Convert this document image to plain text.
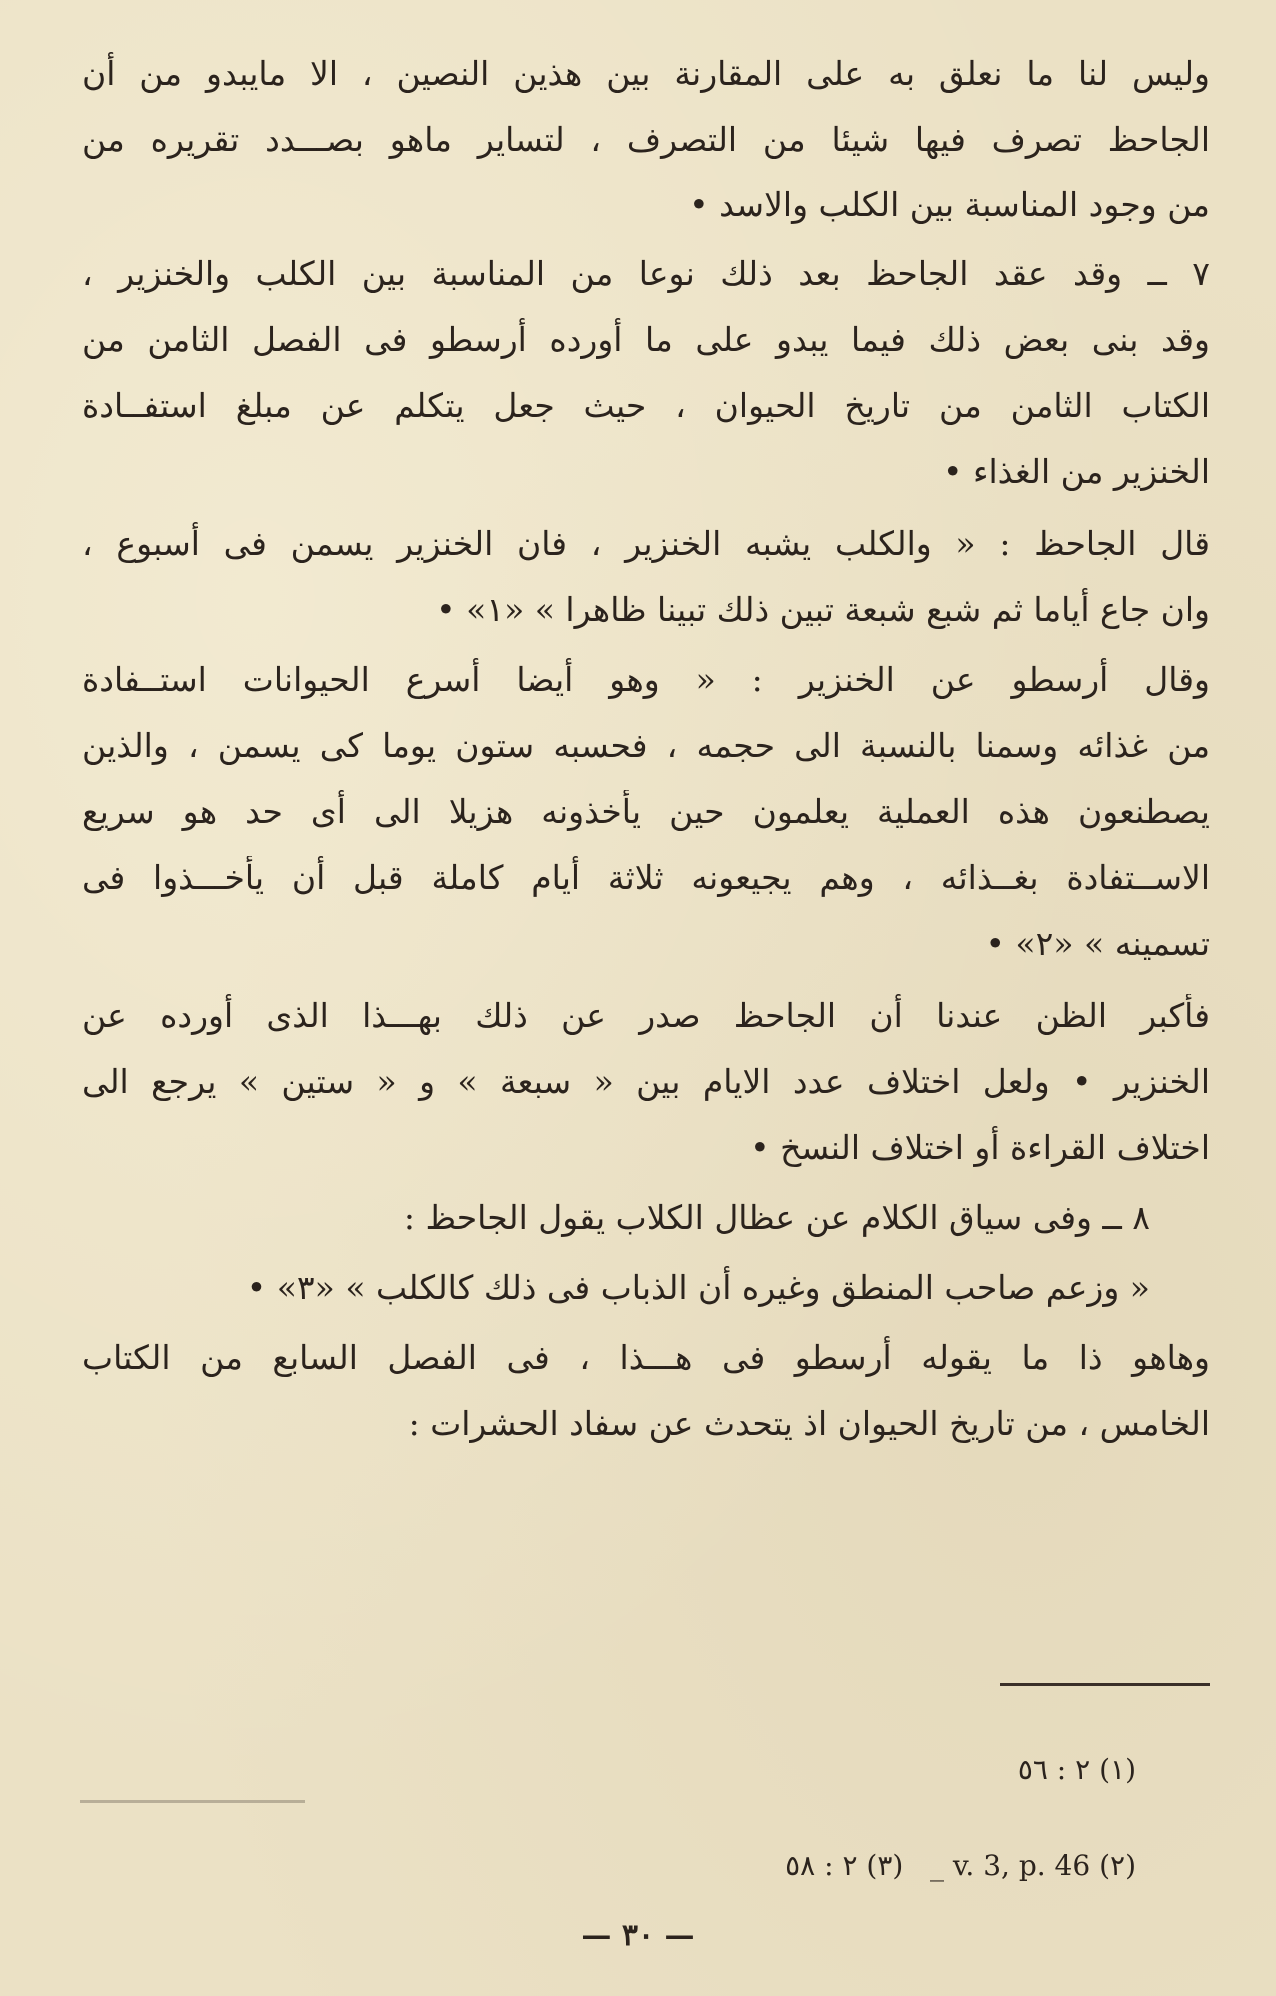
وليس لنا ما نعلق به على المقارنة بين هذين النصين ، الا مايبدو من أن
الجاحظ تصرف فيها شيئا من التصرف ، لتساير ماهو بصـــدد تقريره من
من وجود المناسبة بين الكلب والاسد •
٧ ــ وقد عقد الجاحظ بعد ذلك نوعا من المناسبة بين الكلب والخنزير ،
وقد بنى بعض ذلك فيما يبدو على ما أورده أرسطو فى الفصل الثامن من
الكتاب الثامن من تاريخ الحيوان ، حيث جعل يتكلم عن مبلغ استفــادة
الخنزير من الغذاء •
قال الجاحظ : « والكلب يشبه الخنزير ، فان الخنزير يسمن فى أسبوع ،
وان جاع أياما ثم شبع شبعة تبين ذلك تبينا ظاهرا » «١» •
وقال أرسطو عن الخنزير : « وهو أيضا أسرع الحيوانات استــفادة
من غذائه وسمنا بالنسبة الى حجمه ، فحسبه ستون يوما كى يسمن ، والذين
يصطنعون هذه العملية يعلمون حين يأخذونه هزيلا الى أى حد هو سريع
الاســتفادة بغــذائه ، وهم يجيعونه ثلاثة أيام كاملة قبل أن يأخـــذوا فى
تسمينه » «٢» •
فأكبر الظن عندنا أن الجاحظ صدر عن ذلك بهـــذا الذى أورده عن
الخنزير • ولعل اختلاف عدد الايام بين « سبعة » و « ستين » يرجع الى
اختلاف القراءة أو اختلاف النسخ •
٨ ــ وفى سياق الكلام عن عظال الكلاب يقول الجاحظ :
« وزعم صاحب المنطق وغيره أن الذباب فى ذلك كالكلب » «٣» •
وهاهو ذا ما يقوله أرسطو فى هـــذا ، فى الفصل السابع من الكتاب
الخامس ، من تاريخ الحيوان اذ يتحدث عن سفاد الحشرات :
(١) ٢ : ٥٦
(٢) v. 3, p. 46 _   (٣) ٢ : ٥٨
— ٣٠ —
